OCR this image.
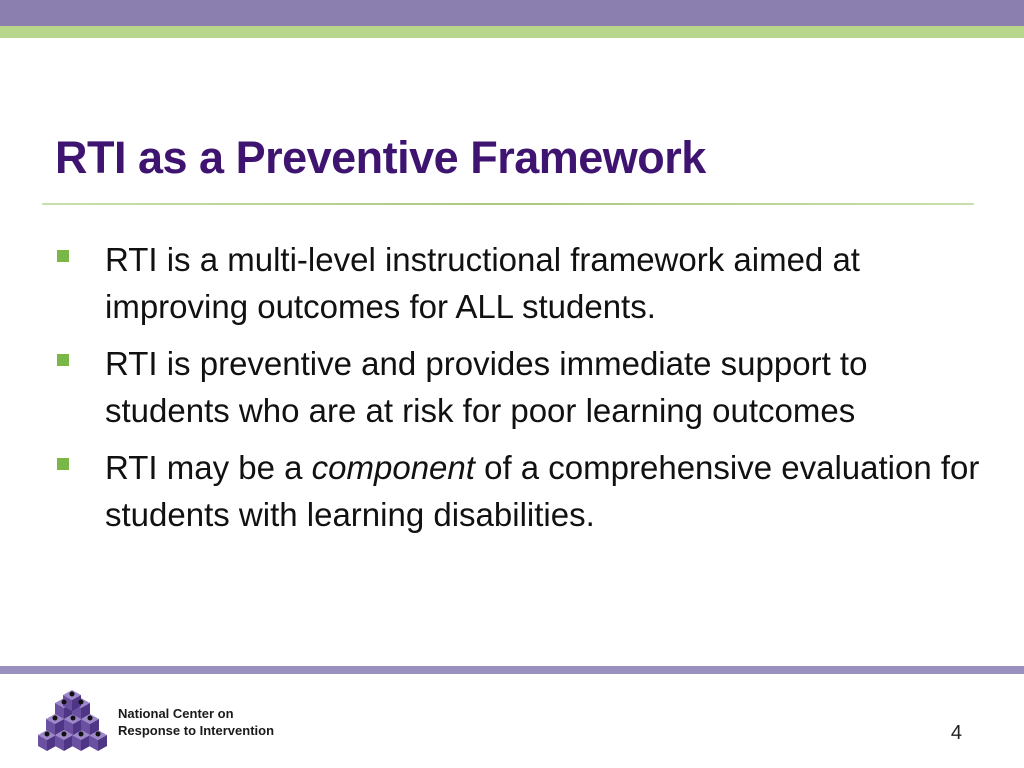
RTI as a Preventive Framework
RTI is a multi-level instructional framework aimed at improving outcomes for ALL students.
RTI is preventive and provides immediate support to students who are at risk for poor learning outcomes
RTI may be a component of a comprehensive evaluation for students with learning disabilities.
National Center on
Response to Intervention	4
